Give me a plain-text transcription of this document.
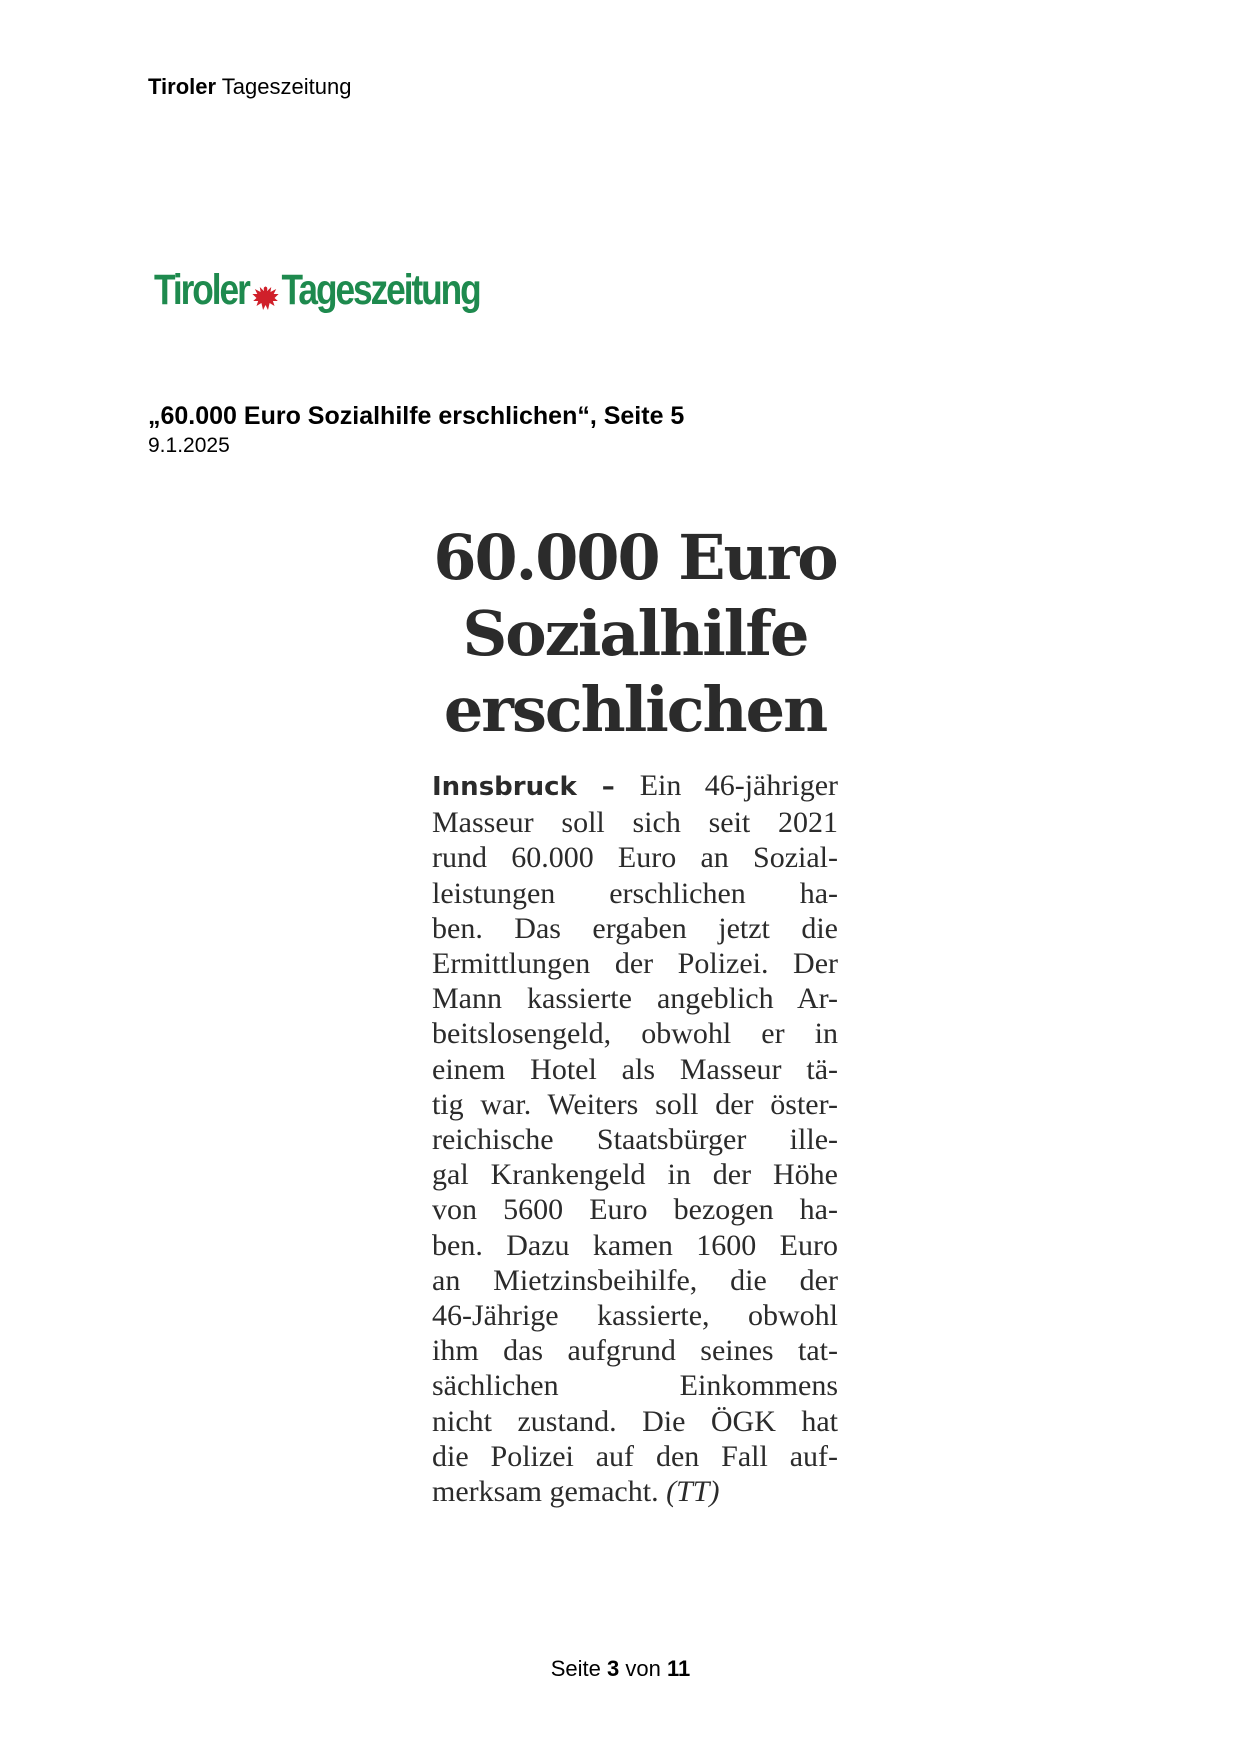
Tiroler Tageszeitung
Tiroler Tageszeitung
„60.000 Euro Sozialhilfe erschlichen“, Seite 5
9.1.2025
60.000 Euro
Sozialhilfe
erschlichen
Innsbruck – Ein 46-jähriger
Masseur soll sich seit 2021
rund 60.000 Euro an Sozial-
leistungen erschlichen ha-
ben. Das ergaben jetzt die
Ermittlungen der Polizei. Der
Mann kassierte angeblich Ar-
beitslosengeld, obwohl er in
einem Hotel als Masseur tä-
tig war. Weiters soll der öster-
reichische Staatsbürger ille-
gal Krankengeld in der Höhe
von 5600 Euro bezogen ha-
ben. Dazu kamen 1600 Euro
an Mietzinsbeihilfe, die der
46-Jährige kassierte, obwohl
ihm das aufgrund seines tat-
sächlichen Einkommens
nicht zustand. Die ÖGK hat
die Polizei auf den Fall auf-
merksam gemacht. (TT)
Seite 3 von 11
